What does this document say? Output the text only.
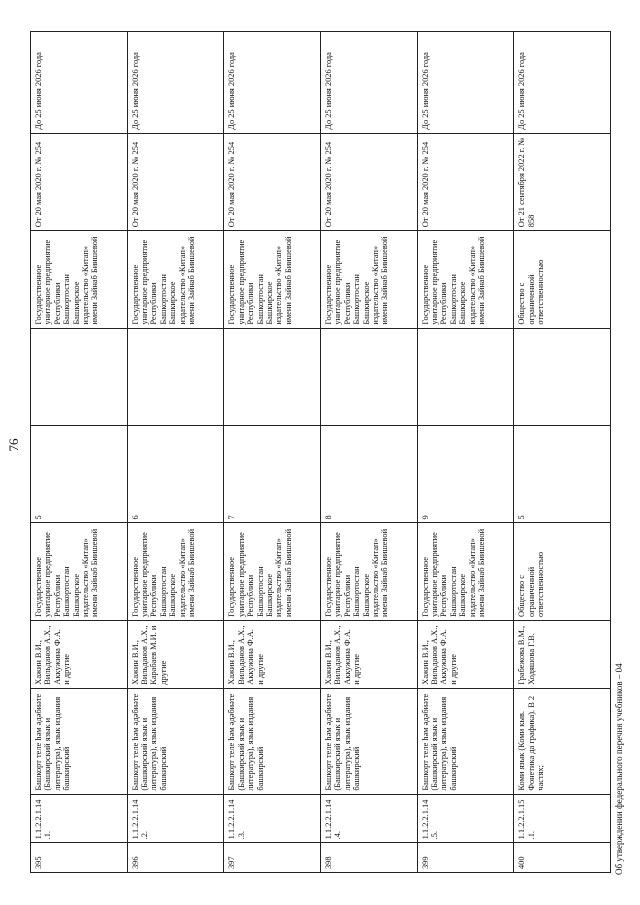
76
395	1.1.2.2.1.14.1.	Башкорт теле həм əдəбиəте (Башкирский язык и литература), язык издания башкирский	Хажин В.И., Вильданов А.Х., Аккужина Ф.А. и другие	Государственное унитарное предприятие Республики Башкортостан Башкирское издательство «Китап» имени Зайнаб Биишевой	5		Государственное унитарное предприятие Республики Башкортостан Башкирское издательство «Китап» имени Зайнаб Биишевой	От 20 мая 2020 г. № 254	До 25 июня 2026 года
396	1.1.2.2.1.14.2.	Башкорт теле həм əдəбиəте (Башкирский язык и литература), язык издания башкирский	Хажин В.И., Вильданов А.Х., Карабаев М.И. и другие	Государственное унитарное предприятие Республики Башкортостан Башкирское издательство «Китап» имени Зайнаб Биишевой	6		Государственное унитарное предприятие Республики Башкортостан Башкирское издательство «Китап» имени Зайнаб Биишевой	От 20 мая 2020 г. № 254	До 25 июня 2026 года
397	1.1.2.2.1.14.3.	Башкорт теле həм əдəбиəте (Башкирский язык и литература), язык издания башкирский	Хажин В.И., Вильданов А.Х., Аккужина Ф.А. и другие	Государственное унитарное предприятие Республики Башкортостан Башкирское издательство «Китап» имени Зайнаб Биишевой	7		Государственное унитарное предприятие Республики Башкортостан Башкирское издательство «Китап» имени Зайнаб Биишевой	От 20 мая 2020 г. № 254	До 25 июня 2026 года
398	1.1.2.2.1.14.4.	Башкорт теле həм əдəбиəте (Башкирский язык и литература), язык издания башкирский	Хажин В.И., Вильданов А.Х., Аккужина Ф.А. и другие	Государственное унитарное предприятие Республики Башкортостан Башкирское издательство «Китап» имени Зайнаб Биишевой	8		Государственное унитарное предприятие Республики Башкортостан Башкирское издательство «Китап» имени Зайнаб Биишевой	От 20 мая 2020 г. № 254	До 25 июня 2026 года
399	1.1.2.2.1.14.5.	Башкорт теле həм əдəбиəте (Башкирский язык и литература), язык издания башкирский	Хажин В.И., Вильданов А.Х., Аккужина Ф.А. и другие	Государственное унитарное предприятие Республики Башкортостан Башкирское издательство «Китап» имени Зайнаб Биишевой	9		Государственное унитарное предприятие Республики Башкортостан Башкирское издательство «Китап» имени Зайнаб Биишевой	От 20 мая 2020 г. № 254	До 25 июня 2026 года
400	1.1.2.2.1.15.1.	Коми язык (Коми кыв. Фонетика да графика). В 2 частях;	Грабежова В.М., Ходяшова Г.В.	Общество с ограниченной ответственностью	5		Общество с ограниченной ответственностью	От 21 сентября 2022 г. № 858	До 25 июня 2026 года
Об утверждении федерального перечня учебников – 04
